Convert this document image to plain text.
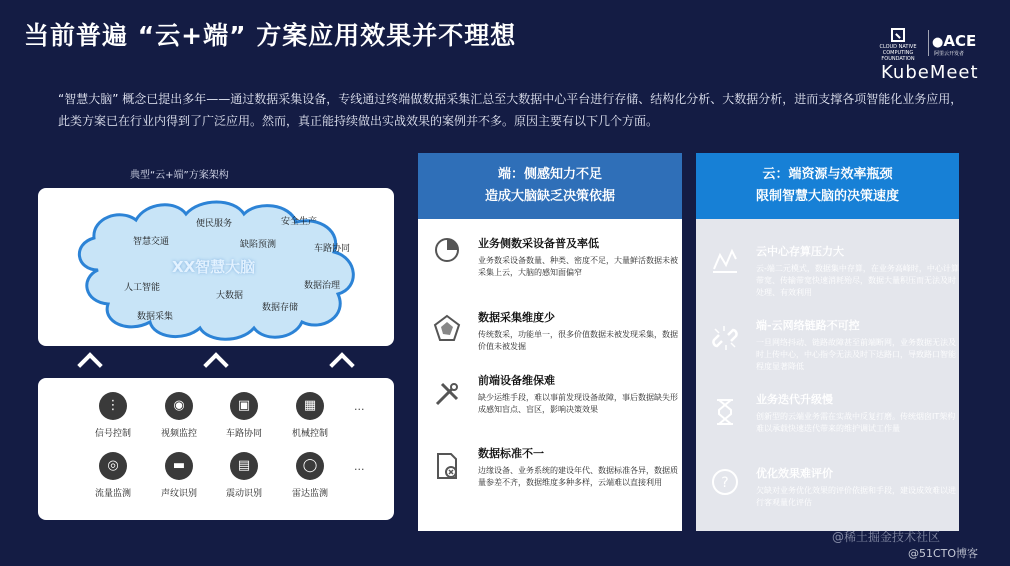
当前普遍 “云+端” 方案应用效果并不理想	CLOUD NATIVE
COMPUTING FOUNDATION
●ACE
阿里云开发者
KubeMeet
“智慧大脑” 概念已提出多年——通过数据采集设备，专线通过终端做数据采集汇总至大数据中心平台进行存储、结构化分析、大数据分析，进而支撑各项智能化业务应用，此类方案已在行业内得到了广泛应用。然而，真正能持续做出实战效果的案例并不多。原因主要有以下几个方面。
典型“云+端”方案架构
云	XX智慧大脑
便民服务	安全生产
智慧交通	缺陷预测	车路协同
人工智能	数据治理
大数据
数据存储
数据采集
端
⋮
信号控制
◉
视频监控
▣
车路协同
▦
机械控制
...
◎
流量监测
▬
声纹识别
▤
震动识别
◯
雷达监测
...
端：侧感知力不足
造成大脑缺乏决策依据
业务侧数采设备普及率低
业务数采设备数量、种类、密度不足，大量鲜活数据未被采集上云，大脑的感知面偏窄
数据采集维度少
传统数采，功能单一，很多价值数据未被发现采集，数据价值未被发掘
前端设备维保难
缺少运维手段，难以事前发现设备故障，事后数据缺失形成感知盲点、盲区，影响决策效果
数据标准不一
边缘设备、业务系统的建设年代、数据标准各异，数据质量参差不齐，数据维度多种多样，云端难以直接利用
云：端资源与效率瓶颈
限制智慧大脑的决策速度
云中心存算压力大
云-端二元模式，数据集中存算，在业务高峰时，中心计算带宽、传输带宽快速消耗殆尽，数据大量积压而无法及时处理、有效利用
端-云网络链路不可控
一旦网络抖动、链路故障甚至前端断网，业务数据无法及时上传中心，中心指令无法及时下达路口，导致路口智能程度显著降低
业务迭代升级慢
创新型的云端业务需在实战中反复打磨。传统烟囱IT架构难以承载快速迭代带来的维护调试工作量
?
优化效果难评价
欠缺对业务优化效果的评价依据和手段，建设成效难以进行客观量化评估
@稀土掘金技术社区
@51CTO博客
